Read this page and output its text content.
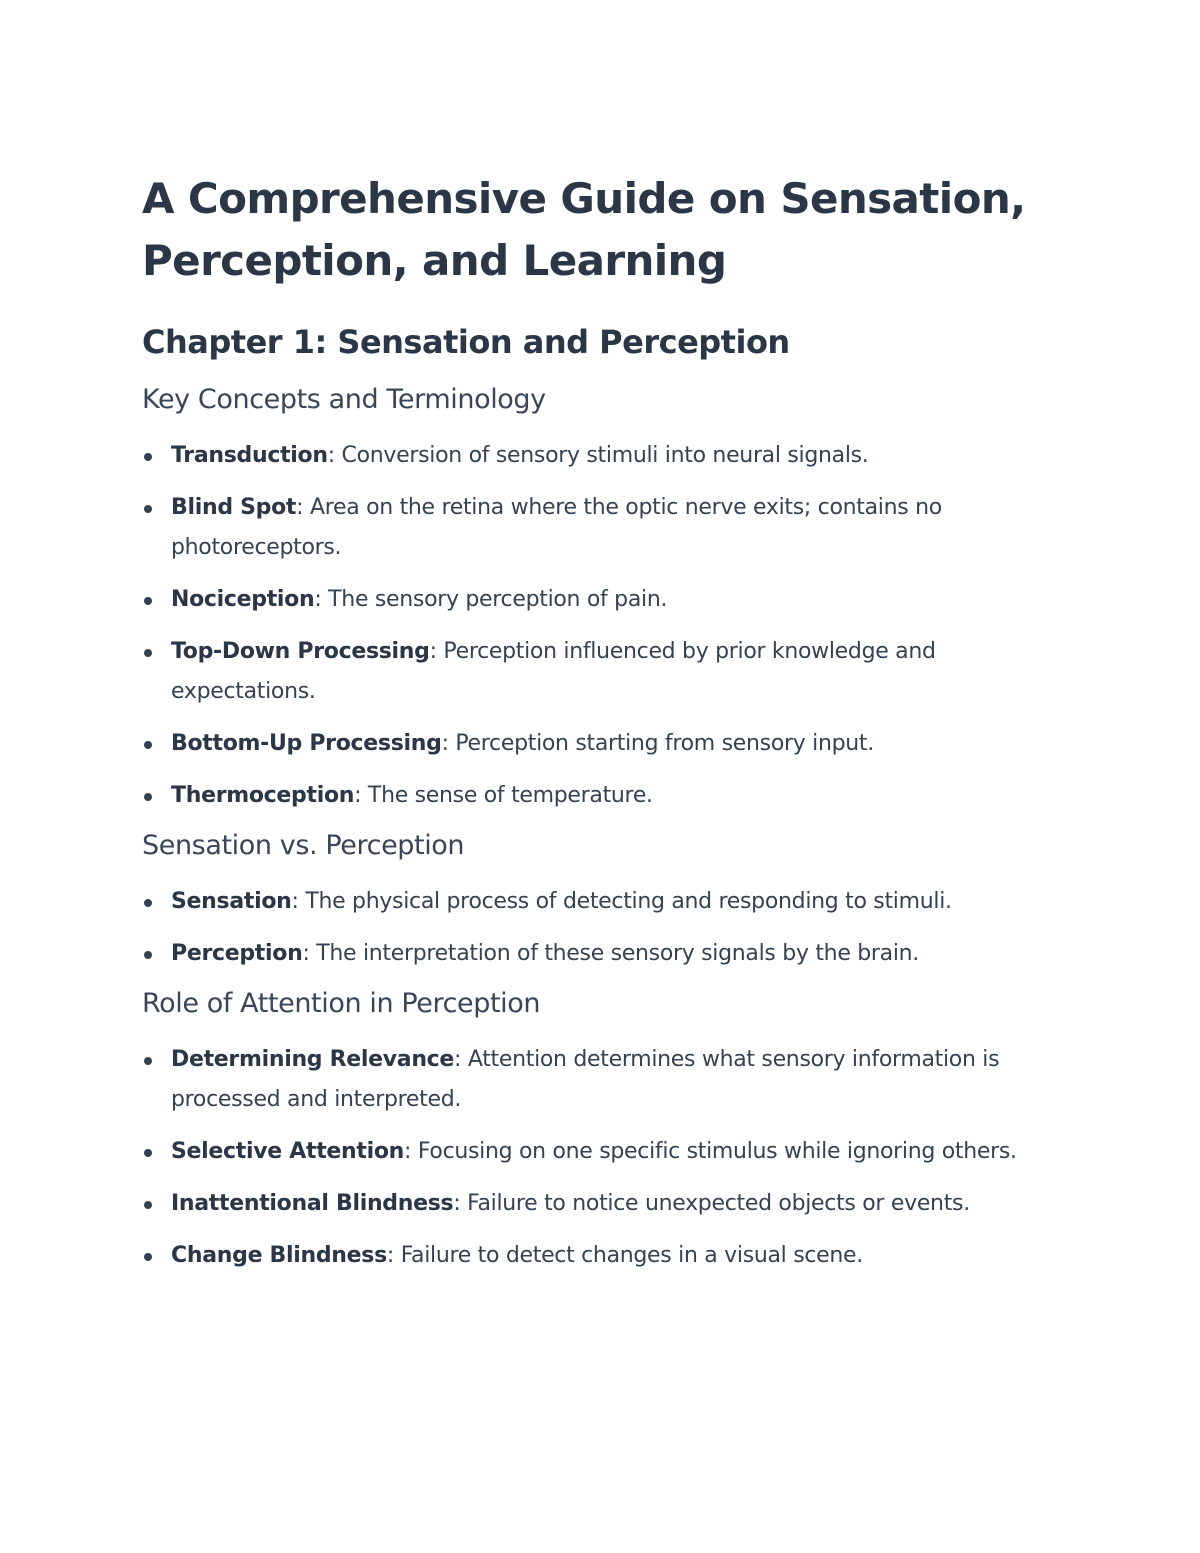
A Comprehensive Guide on Sensation, Perception, and Learning
Chapter 1: Sensation and Perception
Key Concepts and Terminology
Transduction: Conversion of sensory stimuli into neural signals.
Blind Spot: Area on the retina where the optic nerve exits; contains no photoreceptors.
Nociception: The sensory perception of pain.
Top-Down Processing: Perception influenced by prior knowledge and expectations.
Bottom-Up Processing: Perception starting from sensory input.
Thermoception: The sense of temperature.
Sensation vs. Perception
Sensation: The physical process of detecting and responding to stimuli.
Perception: The interpretation of these sensory signals by the brain.
Role of Attention in Perception
Determining Relevance: Attention determines what sensory information is processed and interpreted.
Selective Attention: Focusing on one specific stimulus while ignoring others.
Inattentional Blindness: Failure to notice unexpected objects or events.
Change Blindness: Failure to detect changes in a visual scene.
